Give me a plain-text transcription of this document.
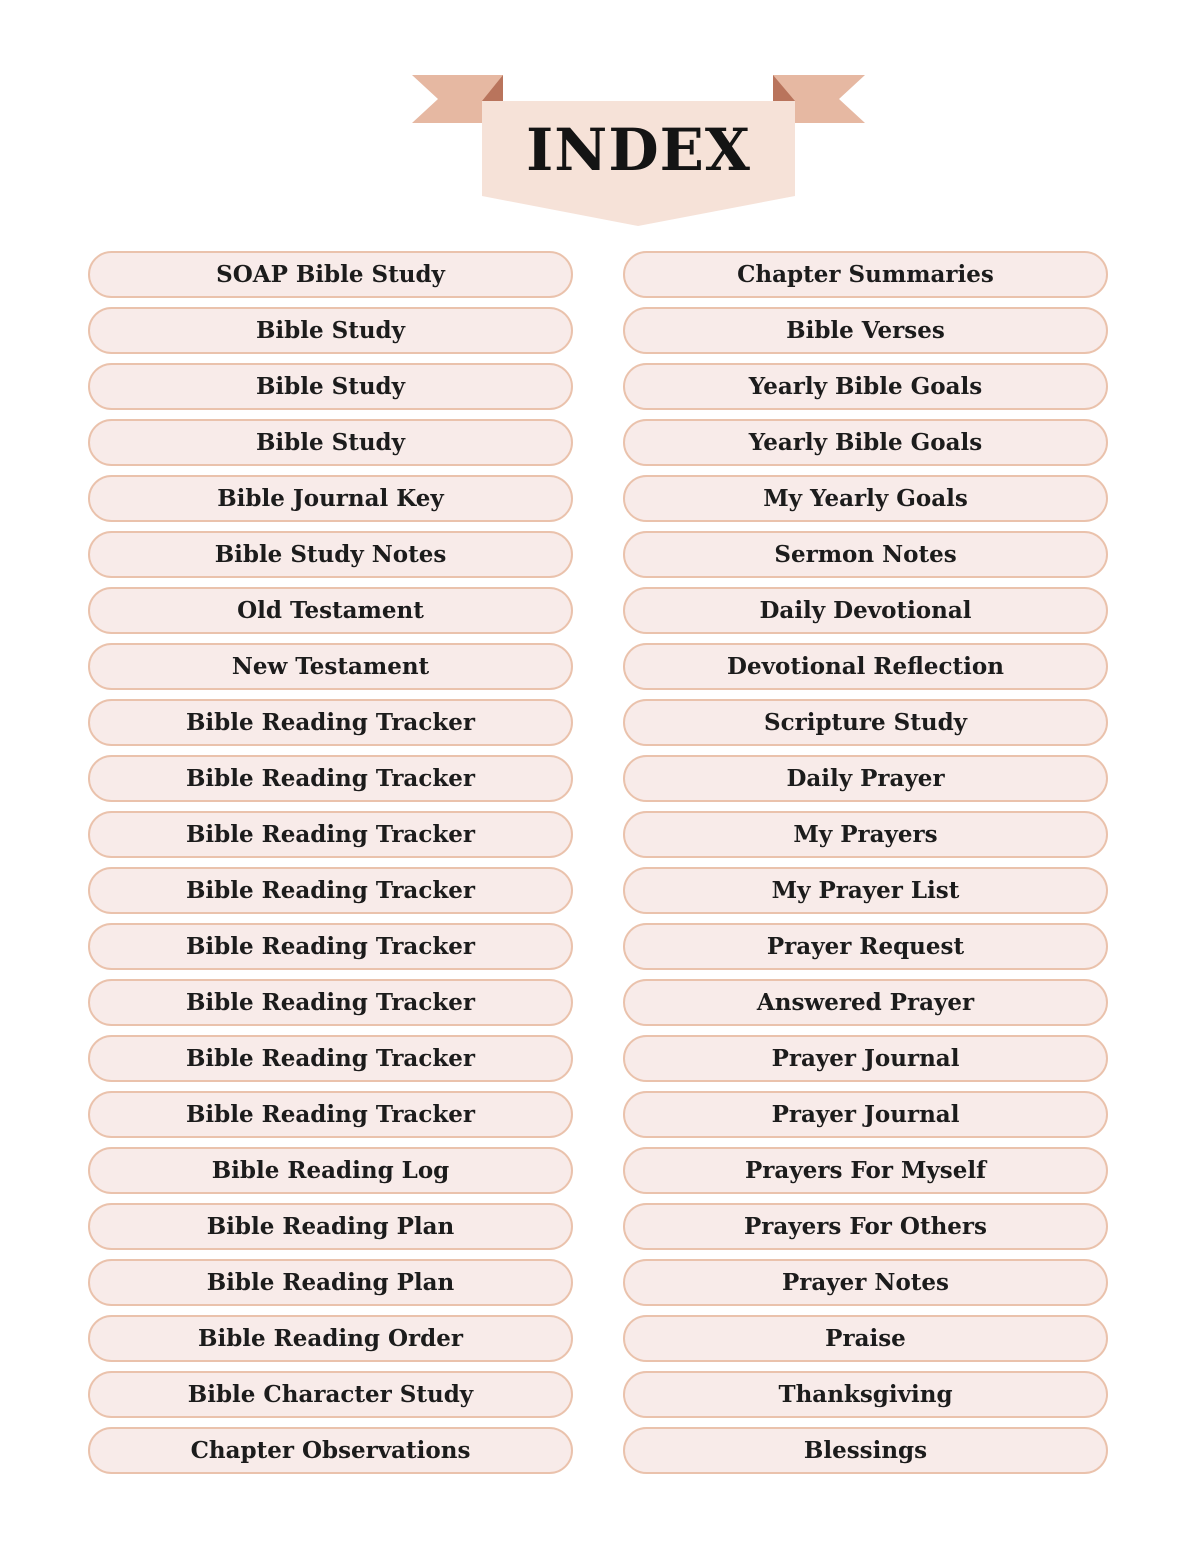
INDEX
SOAP Bible Study
Bible Study
Bible Study
Bible Study
Bible Journal Key
Bible Study Notes
Old Testament
New Testament
Bible Reading Tracker
Bible Reading Tracker
Bible Reading Tracker
Bible Reading Tracker
Bible Reading Tracker
Bible Reading Tracker
Bible Reading Tracker
Bible Reading Tracker
Bible Reading Log
Bible Reading Plan
Bible Reading Plan
Bible Reading Order
Bible Character Study
Chapter Observations
Chapter Summaries
Bible Verses
Yearly Bible Goals
Yearly Bible Goals
My Yearly Goals
Sermon Notes
Daily Devotional
Devotional Reflection
Scripture Study
Daily Prayer
My Prayers
My Prayer List
Prayer Request
Answered Prayer
Prayer Journal
Prayer Journal
Prayers For Myself
Prayers For Others
Prayer Notes
Praise
Thanksgiving
Blessings
